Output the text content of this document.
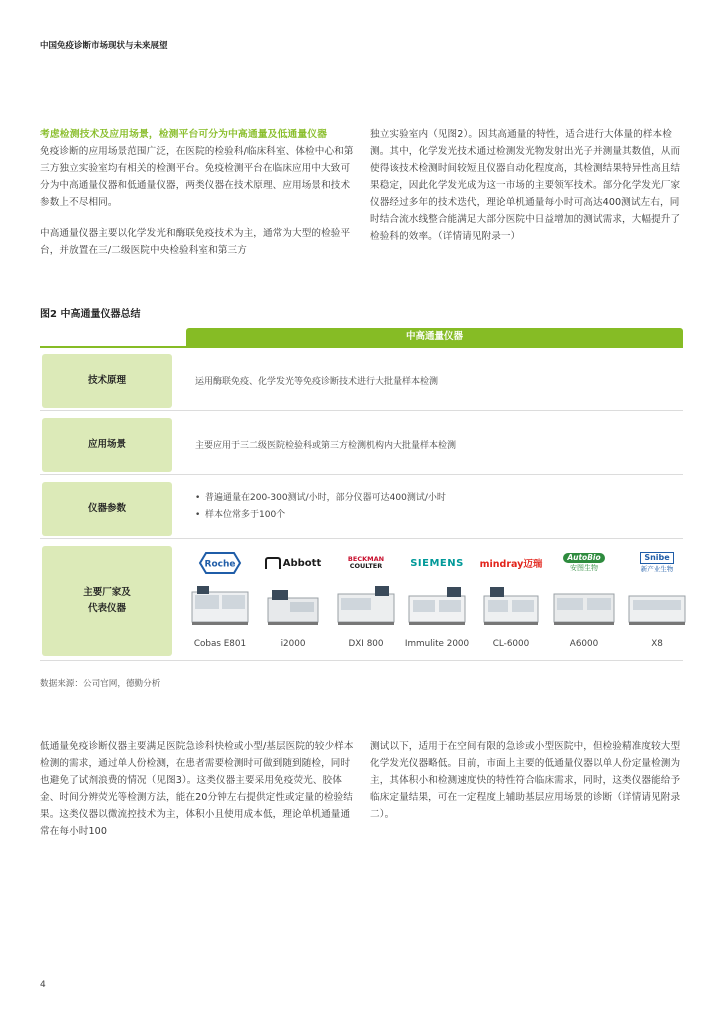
中国免疫诊断市场现状与未来展望
考虑检测技术及应用场景，检测平台可分为中高通量及低通量仪器

免疫诊断的应用场景范围广泛，在医院的检验科/临床科室、体检中心和第三方独立实验室均有相关的检测平台。免疫检测平台在临床应用中大致可分为中高通量仪器和低通量仪器，两类仪器在技术原理、应用场景和技术参数上不尽相同。

中高通量仪器主要以化学发光和酶联免疫技术为主，通常为大型的检验平台，并放置在三/二级医院中央检验科室和第三方

独立实验室内（见图2）。因其高通量的特性，适合进行大体量的样本检测。其中，化学发光技术通过检测发光物发射出光子并测量其数值，从而使得该技术检测时间较短且仪器自动化程度高，其检测结果特异性高且结果稳定，因此化学发光成为这一市场的主要领军技术。部分化学发光厂家仪器经过多年的技术迭代，理论单机通量每小时可高达400测试左右，同时结合流水线整合能满足大部分医院中日益增加的测试需求，大幅提升了检验科的效率。（详情请见附录一）

图2 中高通量仪器总结
中高通量仪器
技术原理	运用酶联免疫、化学发光等免疫诊断技术进行大批量样本检测
应用场景	主要应用于三二级医院检验科或第三方检测机构内大批量样本检测
仪器参数
• 普遍通量在200-300测试/小时，部分仪器可达400测试/小时
• 样本位常多于100个
主要厂家及
代表仪器
Roche
Cobas E801
Abbott
i2000
BECKMAN
COULTER
DXI 800
SIEMENS
Immulite 2000
mindray迈瑞
CL-6000
AutoBio
安图生物
A6000
Snibe
新产业生物
X8
数据来源：公司官网，德勤分析

低通量免疫诊断仪器主要满足医院急诊科快检或小型/基层医院的较少样本检测的需求，通过单人份检测，在患者需要检测时可做到随到随检，同时也避免了试剂浪费的情况（见图3）。这类仪器主要采用免疫荧光、胶体金、时间分辨荧光等检测方法，能在20分钟左右提供定性或定量的检验结果。这类仪器以微流控技术为主，体积小且使用成本低，理论单机通量通常在每小时100

测试以下，适用于在空间有限的急诊或小型医院中，但检验精准度较大型化学发光仪器略低。目前，市面上主要的低通量仪器以单人份定量检测为主，其体积小和检测速度快的特性符合临床需求，同时，这类仪器能给予临床定量结果，可在一定程度上辅助基层应用场景的诊断（详情请见附录二）。

4
